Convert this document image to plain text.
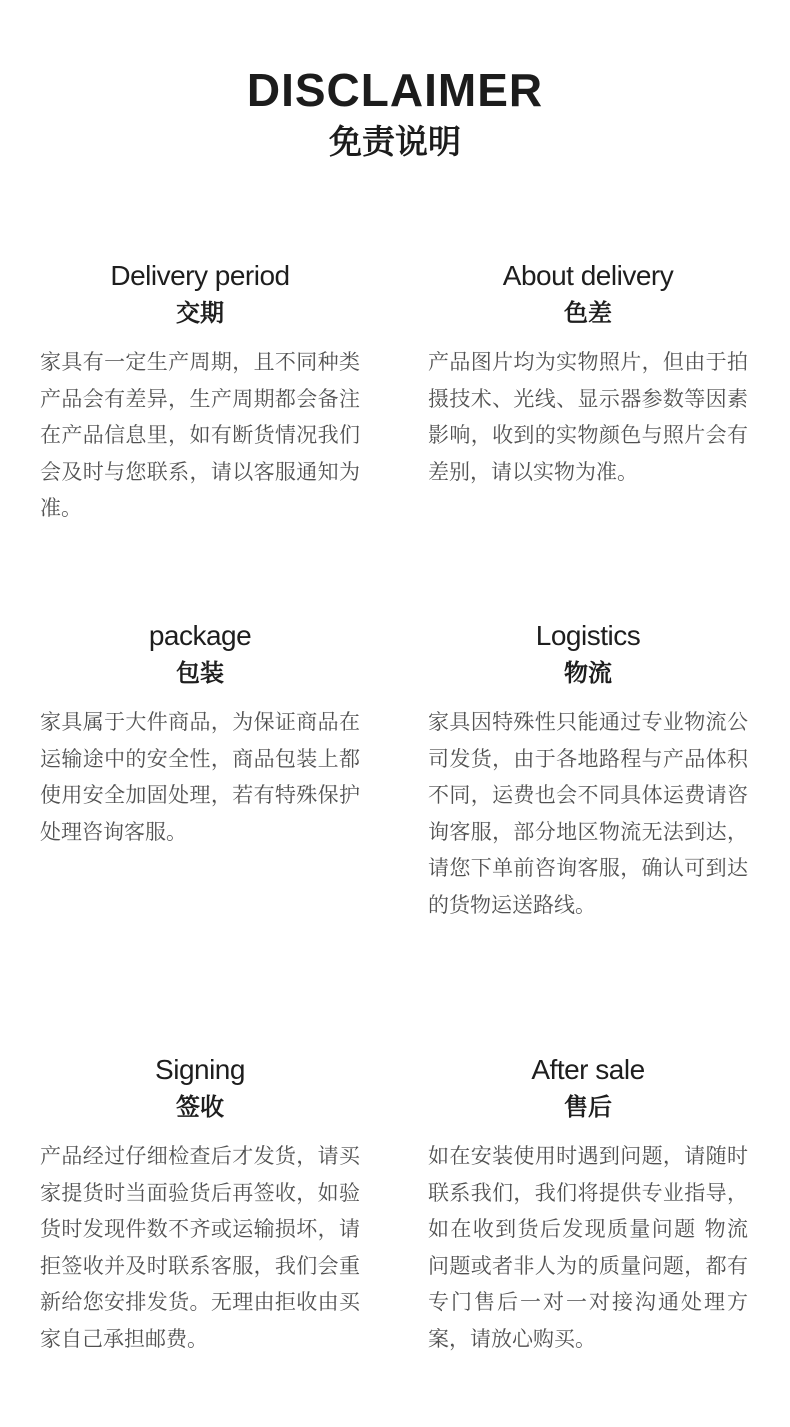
DISCLAIMER
免责说明
Delivery period
交期
家具有一定生产周期，且不同种类产品会有差异，生产周期都会备注在产品信息里，如有断货情况我们会及时与您联系，请以客服通知为准。
About delivery
色差
产品图片均为实物照片，但由于拍摄技术、光线、显示器参数等因素影响，收到的实物颜色与照片会有差别，请以实物为准。
package
包装
家具属于大件商品，为保证商品在运输途中的安全性，商品包装上都使用安全加固处理，若有特殊保护处理咨询客服。
Logistics
物流
家具因特殊性只能通过专业物流公司发货，由于各地路程与产品体积不同，运费也会不同具体运费请咨询客服，部分地区物流无法到达，请您下单前咨询客服，确认可到达的货物运送路线。
Signing
签收
产品经过仔细检查后才发货，请买家提货时当面验货后再签收，如验货时发现件数不齐或运输损坏，请拒签收并及时联系客服，我们会重新给您安排发货。无理由拒收由买家自己承担邮费。
After sale
售后
如在安装使用时遇到问题，请随时联系我们，我们将提供专业指导，如在收到货后发现质量问题 物流问题或者非人为的质量问题，都有专门售后一对一对接沟通处理方案，请放心购买。
